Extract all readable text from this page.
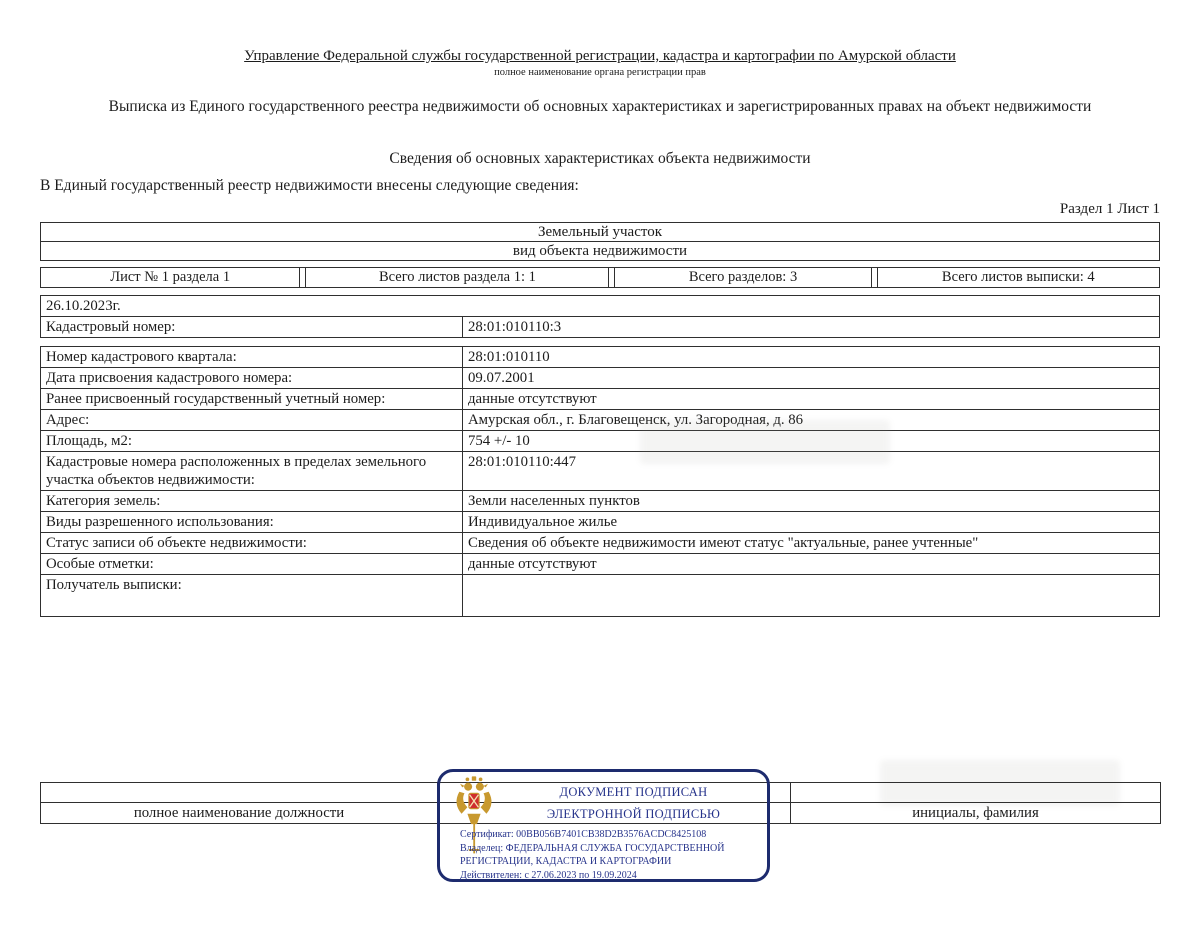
Управление Федеральной службы государственной регистрации, кадастра и картографии по Амурской области
полное наименование органа регистрации прав
Выписка из Единого государственного реестра недвижимости об основных характеристиках и зарегистрированных правах на объект недвижимости
Сведения об основных характеристиках объекта недвижимости
В Единый государственный реестр недвижимости внесены следующие сведения:
Раздел 1 Лист 1
Земельный участок
вид объекта недвижимости
Лист № 1 раздела 1	Всего листов раздела 1: 1	Всего разделов: 3	Всего листов выписки: 4
26.10.2023г.
Кадастровый номер:	28:01:010110:3
Номер кадастрового квартала:	28:01:010110
Дата присвоения кадастрового номера:	09.07.2001
Ранее присвоенный государственный учетный номер:	данные отсутствуют
Адрес:	Амурская обл., г. Благовещенск, ул. Загородная, д. 86
Площадь, м2:	754 +/- 10
Кадастровые номера расположенных в пределах земельного участка объектов недвижимости:	28:01:010110:447
Категория земель:	Земли населенных пунктов
Виды разрешенного использования:	Индивидуальное жилье
Статус записи об объекте недвижимости:	Сведения об объекте недвижимости имеют статус "актуальные, ранее учтенные"
Особые отметки:	данные отсутствуют
Получатель выписки:	

полное наименование должности		инициалы, фамилия
ДОКУМЕНТ ПОДПИСАН
ЭЛЕКТРОННОЙ ПОДПИСЬЮ
Сертификат: 00BB056B7401CB38D2B3576ACDC8425108
Владелец: ФЕДЕРАЛЬНАЯ СЛУЖБА ГОСУДАРСТВЕННОЙ
РЕГИСТРАЦИИ, КАДАСТРА И КАРТОГРАФИИ
Действителен: с 27.06.2023 по 19.09.2024
